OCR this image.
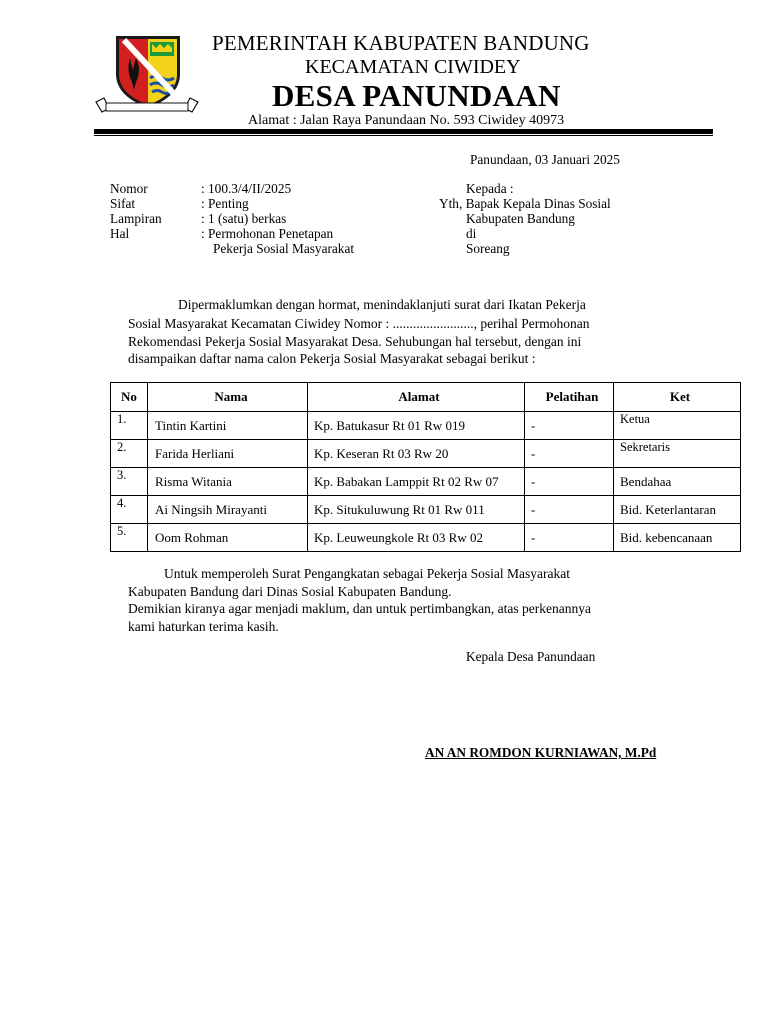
PEMERINTAH KABUPATEN BANDUNG
KECAMATAN CIWIDEY
DESA PANUNDAAN
Alamat : Jalan Raya Panundaan No. 593 Ciwidey 40973
Panundaan, 03 Januari 2025
Nomor	: 100.3/4/II/2025
Sifat	: Penting
Lampiran	: 1 (satu) berkas
Hal	: Permohonan Penetapan
Pekerja Sosial Masyarakat
Kepada :
Yth, Bapak Kepala Dinas Sosial
Kabupaten Bandung
di
Soreang
Dipermaklumkan dengan hormat, menindaklanjuti surat dari Ikatan Pekerja
Sosial Masyarakat Kecamatan Ciwidey Nomor : ........................, perihal Permohonan
Rekomendasi Pekerja Sosial Masyarakat Desa. Sehubungan hal tersebut, dengan ini
disampaikan daftar nama calon Pekerja Sosial Masyarakat sebagai berikut :
No	Nama	Alamat	Pelatihan	Ket
1.	Tintin Kartini	Kp. Batukasur Rt 01 Rw 019	-	Ketua
2.	Farida Herliani	Kp. Keseran Rt 03 Rw 20	-	Sekretaris
3.	Risma Witania	Kp. Babakan Lamppit Rt 02 Rw 07	-	Bendahaa
4.	Ai Ningsih Mirayanti	Kp. Situkuluwung Rt 01 Rw 011	-	Bid. Keterlantaran
5.	Oom Rohman	Kp. Leuweungkole Rt 03 Rw 02	-	Bid. kebencanaan
Untuk memperoleh Surat Pengangkatan sebagai Pekerja Sosial Masyarakat
Kabupaten Bandung dari Dinas Sosial Kabupaten Bandung.
Demikian kiranya agar menjadi maklum, dan untuk pertimbangkan, atas perkenannya
kami haturkan terima kasih.
Kepala Desa Panundaan
AN AN ROMDON KURNIAWAN, M.Pd
